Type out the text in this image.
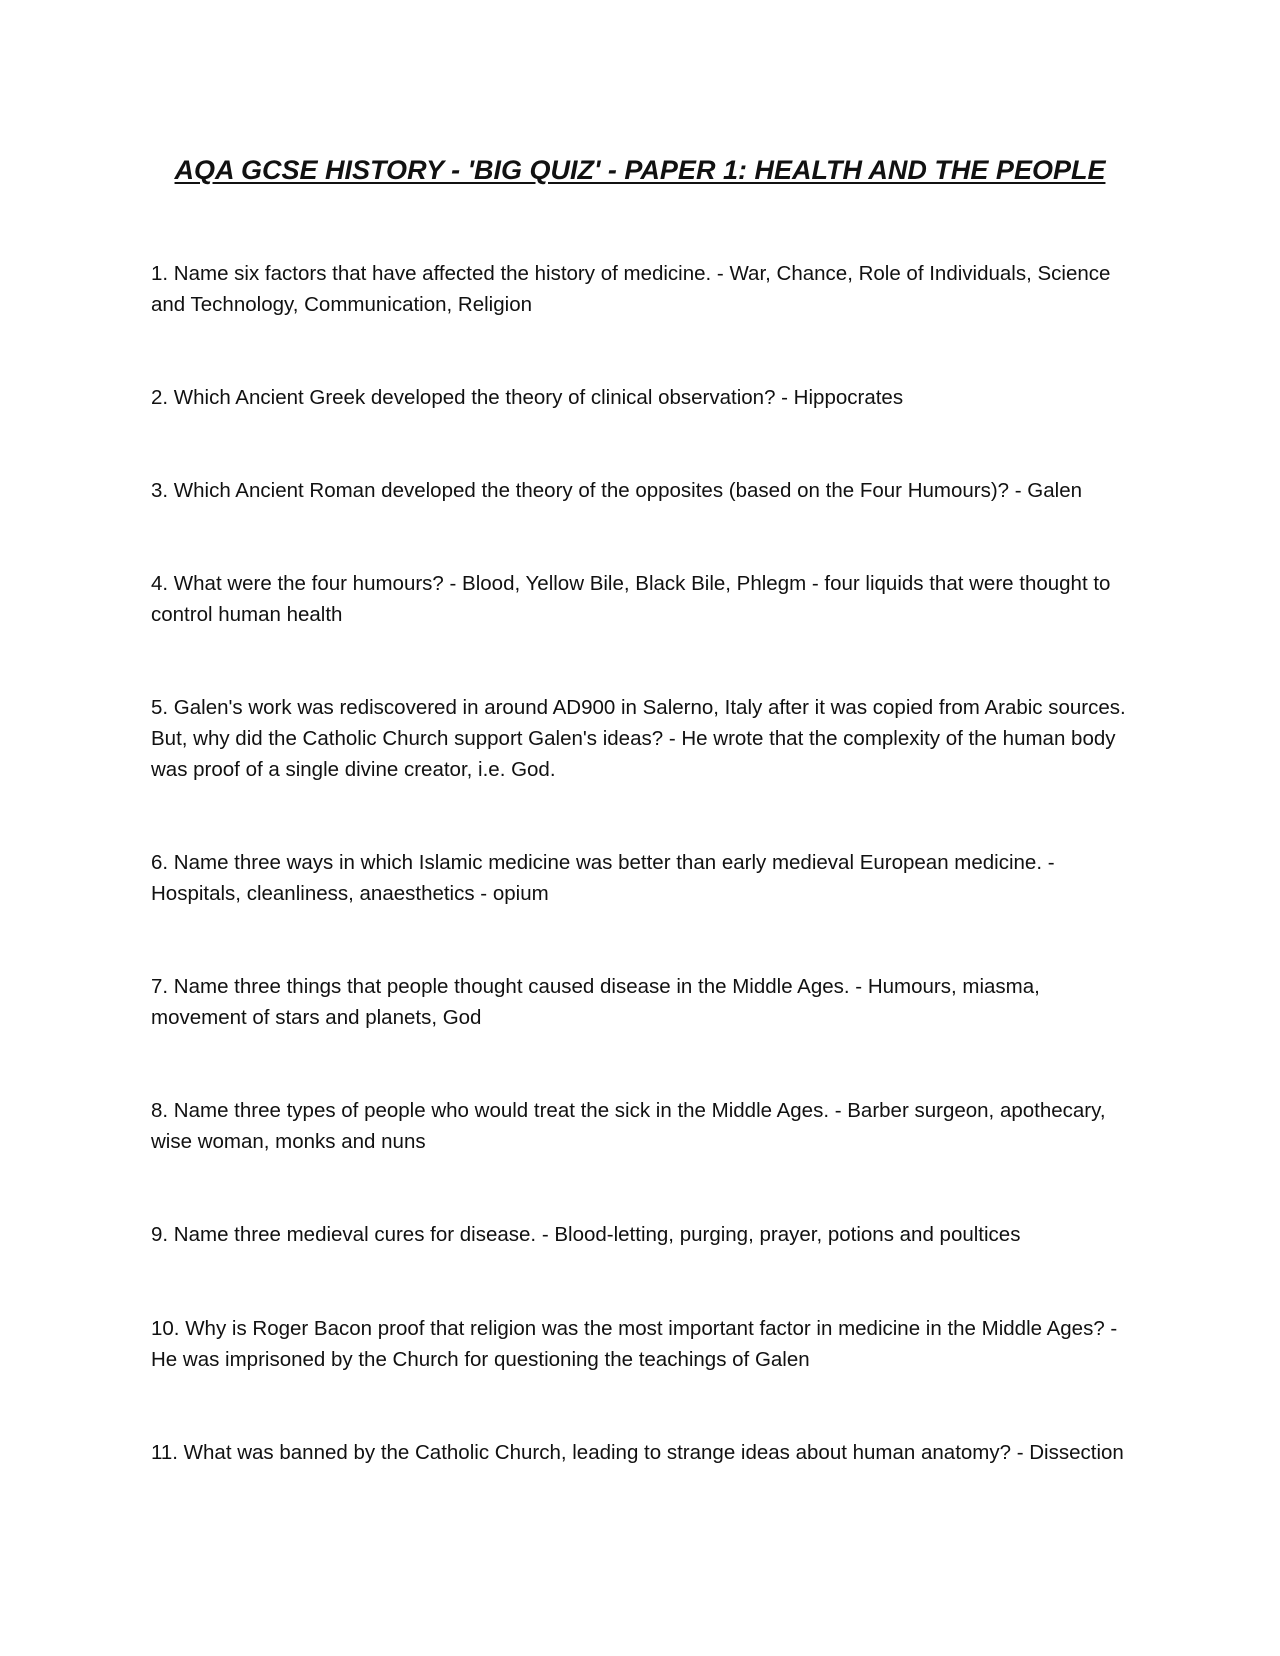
AQA GCSE HISTORY - 'BIG QUIZ' - PAPER 1: HEALTH AND THE PEOPLE

1. Name six factors that have affected the history of medicine. - War, Chance, Role of Individuals, Science and Technology, Communication, Religion

2. Which Ancient Greek developed the theory of clinical observation? - Hippocrates

3. Which Ancient Roman developed the theory of the opposites (based on the Four Humours)? - Galen

4. What were the four humours? - Blood, Yellow Bile, Black Bile, Phlegm - four liquids that were thought to control human health

5. Galen's work was rediscovered in around AD900 in Salerno, Italy after it was copied from Arabic sources. But, why did the Catholic Church support Galen's ideas? - He wrote that the complexity of the human body was proof of a single divine creator, i.e. God.

6. Name three ways in which Islamic medicine was better than early medieval European medicine. - Hospitals, cleanliness, anaesthetics - opium

7. Name three things that people thought caused disease in the Middle Ages. - Humours, miasma, movement of stars and planets, God

8. Name three types of people who would treat the sick in the Middle Ages. - Barber surgeon, apothecary, wise woman, monks and nuns

9. Name three medieval cures for disease. - Blood-letting, purging, prayer, potions and poultices

10. Why is Roger Bacon proof that religion was the most important factor in medicine in the Middle Ages? - He was imprisoned by the Church for questioning the teachings of Galen

11. What was banned by the Catholic Church, leading to strange ideas about human anatomy? - Dissection
